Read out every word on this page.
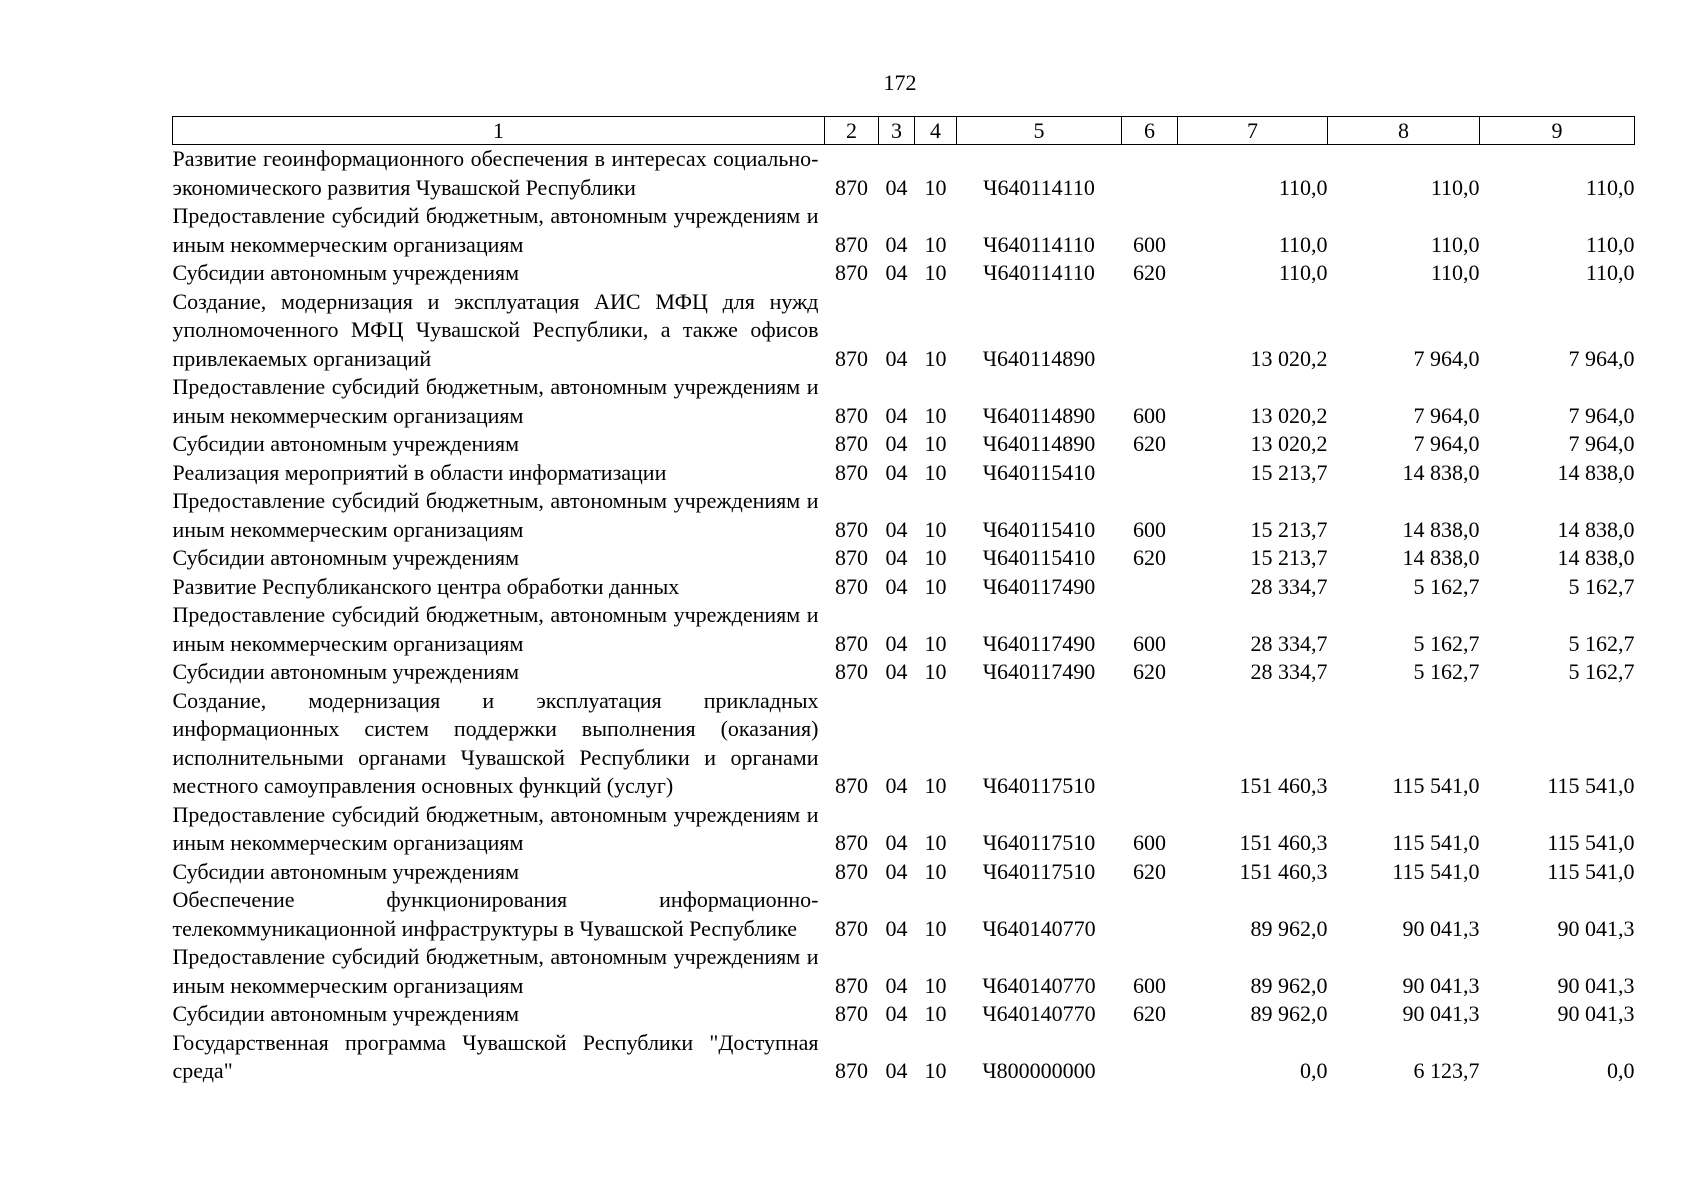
172
1	2	3	4	5	6	7	8	9
Развитие геоинформационного обеспечения в интересах социально-экономического развития Чувашской Республики	870	04	10	Ч640114110		110,0	110,0	110,0
Предоставление субсидий бюджетным, автономным учреждениям и иным некоммерческим организациям	870	04	10	Ч640114110	600	110,0	110,0	110,0
Субсидии автономным учреждениям	870	04	10	Ч640114110	620	110,0	110,0	110,0
Создание, модернизация и эксплуатация АИС МФЦ для нужд уполномоченного МФЦ Чувашской Республики, а также офисов привлекаемых организаций	870	04	10	Ч640114890		13 020,2	7 964,0	7 964,0
Предоставление субсидий бюджетным, автономным учреждениям и иным некоммерческим организациям	870	04	10	Ч640114890	600	13 020,2	7 964,0	7 964,0
Субсидии автономным учреждениям	870	04	10	Ч640114890	620	13 020,2	7 964,0	7 964,0
Реализация мероприятий в области информатизации	870	04	10	Ч640115410		15 213,7	14 838,0	14 838,0
Предоставление субсидий бюджетным, автономным учреждениям и иным некоммерческим организациям	870	04	10	Ч640115410	600	15 213,7	14 838,0	14 838,0
Субсидии автономным учреждениям	870	04	10	Ч640115410	620	15 213,7	14 838,0	14 838,0
Развитие Республиканского центра обработки данных	870	04	10	Ч640117490		28 334,7	5 162,7	5 162,7
Предоставление субсидий бюджетным, автономным учреждениям и иным некоммерческим организациям	870	04	10	Ч640117490	600	28 334,7	5 162,7	5 162,7
Субсидии автономным учреждениям	870	04	10	Ч640117490	620	28 334,7	5 162,7	5 162,7
Создание, модернизация и эксплуатация прикладных информационных систем поддержки выполнения (оказания) исполнительными органами Чувашской Республики и органами местного самоуправления основных функций (услуг)	870	04	10	Ч640117510		151 460,3	115 541,0	115 541,0
Предоставление субсидий бюджетным, автономным учреждениям и иным некоммерческим организациям	870	04	10	Ч640117510	600	151 460,3	115 541,0	115 541,0
Субсидии автономным учреждениям	870	04	10	Ч640117510	620	151 460,3	115 541,0	115 541,0
Обеспечение функционирования информационно-телекоммуникационной инфраструктуры в Чувашской Республике	870	04	10	Ч640140770		89 962,0	90 041,3	90 041,3
Предоставление субсидий бюджетным, автономным учреждениям и иным некоммерческим организациям	870	04	10	Ч640140770	600	89 962,0	90 041,3	90 041,3
Субсидии автономным учреждениям	870	04	10	Ч640140770	620	89 962,0	90 041,3	90 041,3
Государственная программа Чувашской Республики "Доступная среда"	870	04	10	Ч800000000		0,0	6 123,7	0,0
